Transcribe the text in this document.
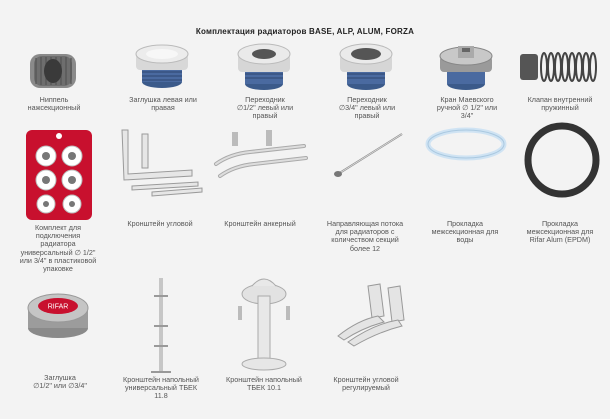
Комплектация радиаторов BASE, ALP, ALUM, FORZA
Ниппель
нажсекционный
Заглушка левая или
правая
Переходник
∅1/2" левый или
правый
Переходник
∅3/4" левый или
правый
Кран Маевского
ручной ∅ 1/2" или
3/4"
Клапан внутренний
пружинный
Комплект для
подключения
радиатора
универсальный ∅ 1/2"
или 3/4" в пластиковой
упаковке
Кронштейн угловой	Кронштейн анкерный	Направляющая потока
для радиаторов с
количеством секций
более 12
Прокладка
межсекционная для
воды
Прокладка
межсекционная для
Rifar Alum (EPDM)
RIFAR
Заглушка
∅1/2" или ∅3/4"
Кронштейн напольный
универсальный ТБЕК
11.8
Кронштейн напольный
ТБЕК 10.1
Кронштейн угловой
регулируемый
